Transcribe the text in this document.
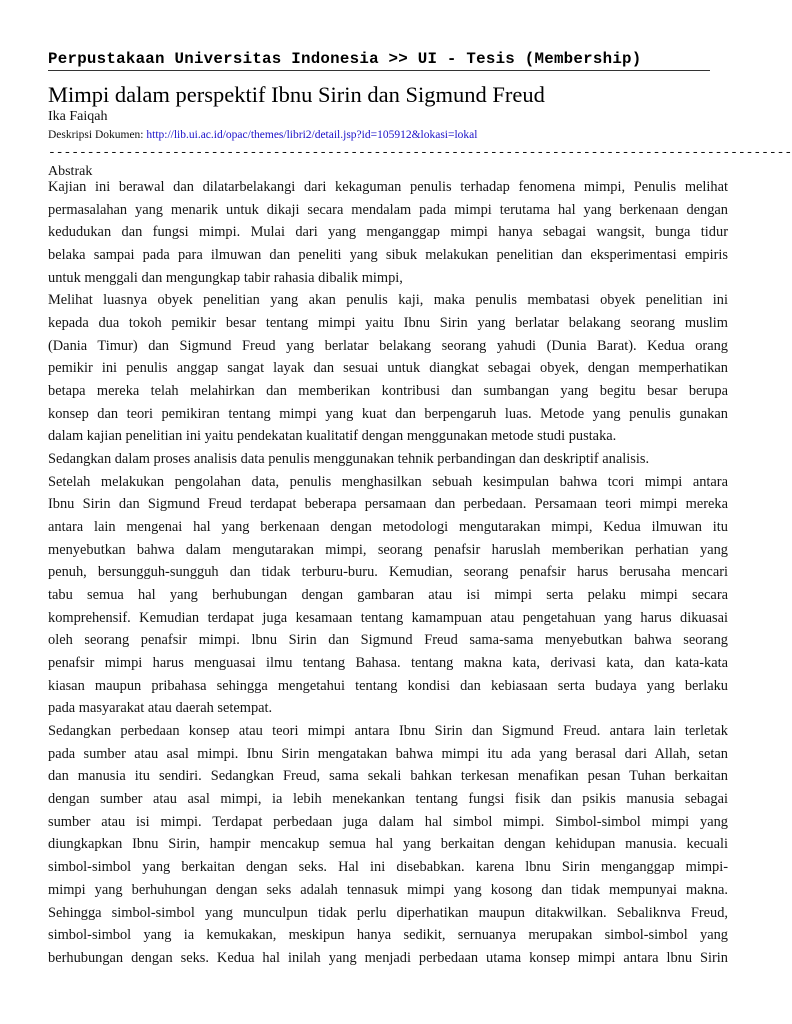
Perpustakaan Universitas Indonesia >> UI - Tesis (Membership)
Mimpi dalam perspektif Ibnu Sirin dan Sigmund Freud
Ika Faiqah
Deskripsi Dokumen: http://lib.ui.ac.id/opac/themes/libri2/detail.jsp?id=105912&lokasi=lokal
------------------------------------------------------------------------------------------------
Abstrak
Kajian ini berawal dan dilatarbelakangi dari kekaguman penulis terhadap fenomena mimpi, Penulis melihat
permasalahan yang menarik untuk dikaji secara mendalam pada mimpi terutama hal yang berkenaan dengan
kedudukan dan fungsi mimpi. Mulai dari yang menganggap mimpi hanya sebagai wangsit, bunga tidur
belaka sampai pada para ilmuwan dan peneliti yang sibuk melakukan penelitian dan eksperimentasi empiris
untuk menggali dan mengungkap tabir rahasia dibalik mimpi,
Melihat luasnya obyek penelitian yang akan penulis kaji, maka penulis membatasi obyek penelitian ini
kepada dua tokoh pemikir besar tentang mimpi yaitu Ibnu Sirin yang berlatar belakang seorang muslim
(Dania Timur) dan Sigmund Freud yang berlatar belakang seorang yahudi (Dunia Barat). Kedua orang
pemikir ini penulis anggap sangat layak dan sesuai untuk diangkat sebagai obyek, dengan memperhatikan
betapa mereka telah melahirkan dan memberikan kontribusi dan sumbangan yang begitu besar berupa
konsep dan teori pemikiran tentang mimpi yang kuat dan berpengaruh luas. Metode yang penulis gunakan
dalam kajian penelitian ini yaitu pendekatan kualitatif dengan menggunakan metode studi pustaka.
Sedangkan dalam proses analisis data penulis menggunakan tehnik perbandingan dan deskriptif analisis.
Setelah melakukan pengolahan data, penulis menghasilkan sebuah kesimpulan bahwa tcori mimpi antara
Ibnu Sirin dan Sigmund Freud terdapat beberapa persamaan dan perbedaan. Persamaan teori mimpi mereka
antara lain mengenai hal yang berkenaan dengan metodologi mengutarakan mimpi, Kedua ilmuwan itu
menyebutkan bahwa dalam mengutarakan mimpi, seorang penafsir haruslah memberikan perhatian yang
penuh, bersungguh-sungguh dan tidak terburu-buru. Kemudian, seorang penafsir harus berusaha mencari
tabu semua hal yang berhubungan dengan gambaran atau isi mimpi serta pelaku mimpi secara
komprehensif. Kemudian terdapat juga kesamaan tentang kamampuan atau pengetahuan yang harus dikuasai
oleh seorang penafsir mimpi. lbnu Sirin dan Sigmund Freud sama-sama menyebutkan bahwa seorang
penafsir mimpi harus menguasai ilmu tentang Bahasa. tentang makna kata, derivasi kata, dan kata-kata
kiasan maupun pribahasa sehingga mengetahui tentang kondisi dan kebiasaan serta budaya yang berlaku
pada masyarakat atau daerah setempat.
Sedangkan perbedaan konsep atau teori mimpi antara Ibnu Sirin dan Sigmund Freud. antara lain terletak
pada sumber atau asal mimpi. Ibnu Sirin mengatakan bahwa mimpi itu ada yang berasal dari Allah, setan
dan manusia itu sendiri. Sedangkan Freud, sama sekali bahkan terkesan menafikan pesan Tuhan berkaitan
dengan sumber atau asal mimpi, ia lebih menekankan tentang fungsi fisik dan psikis manusia sebagai
sumber atau isi mimpi. Terdapat perbedaan juga dalam hal simbol mimpi. Simbol-simbol mimpi yang
diungkapkan Ibnu Sirin, hampir mencakup semua hal yang berkaitan dengan kehidupan manusia. kecuali
simbol-simbol yang berkaitan dengan seks. Hal ini disebabkan. karena lbnu Sirin menganggap mimpi-
mimpi yang berhuhungan dengan seks adalah tennasuk mimpi yang kosong dan tidak mempunyai makna.
Sehingga simbol-simbol yang munculpun tidak perlu diperhatikan maupun ditakwilkan. Sebaliknva Freud,
simbol-simbol yang ia kemukakan, meskipun hanya sedikit, sernuanya merupakan simbol-simbol yang
berhubungan dengan seks. Kedua hal inilah yang menjadi perbedaan utama konsep mimpi antara lbnu Sirin
